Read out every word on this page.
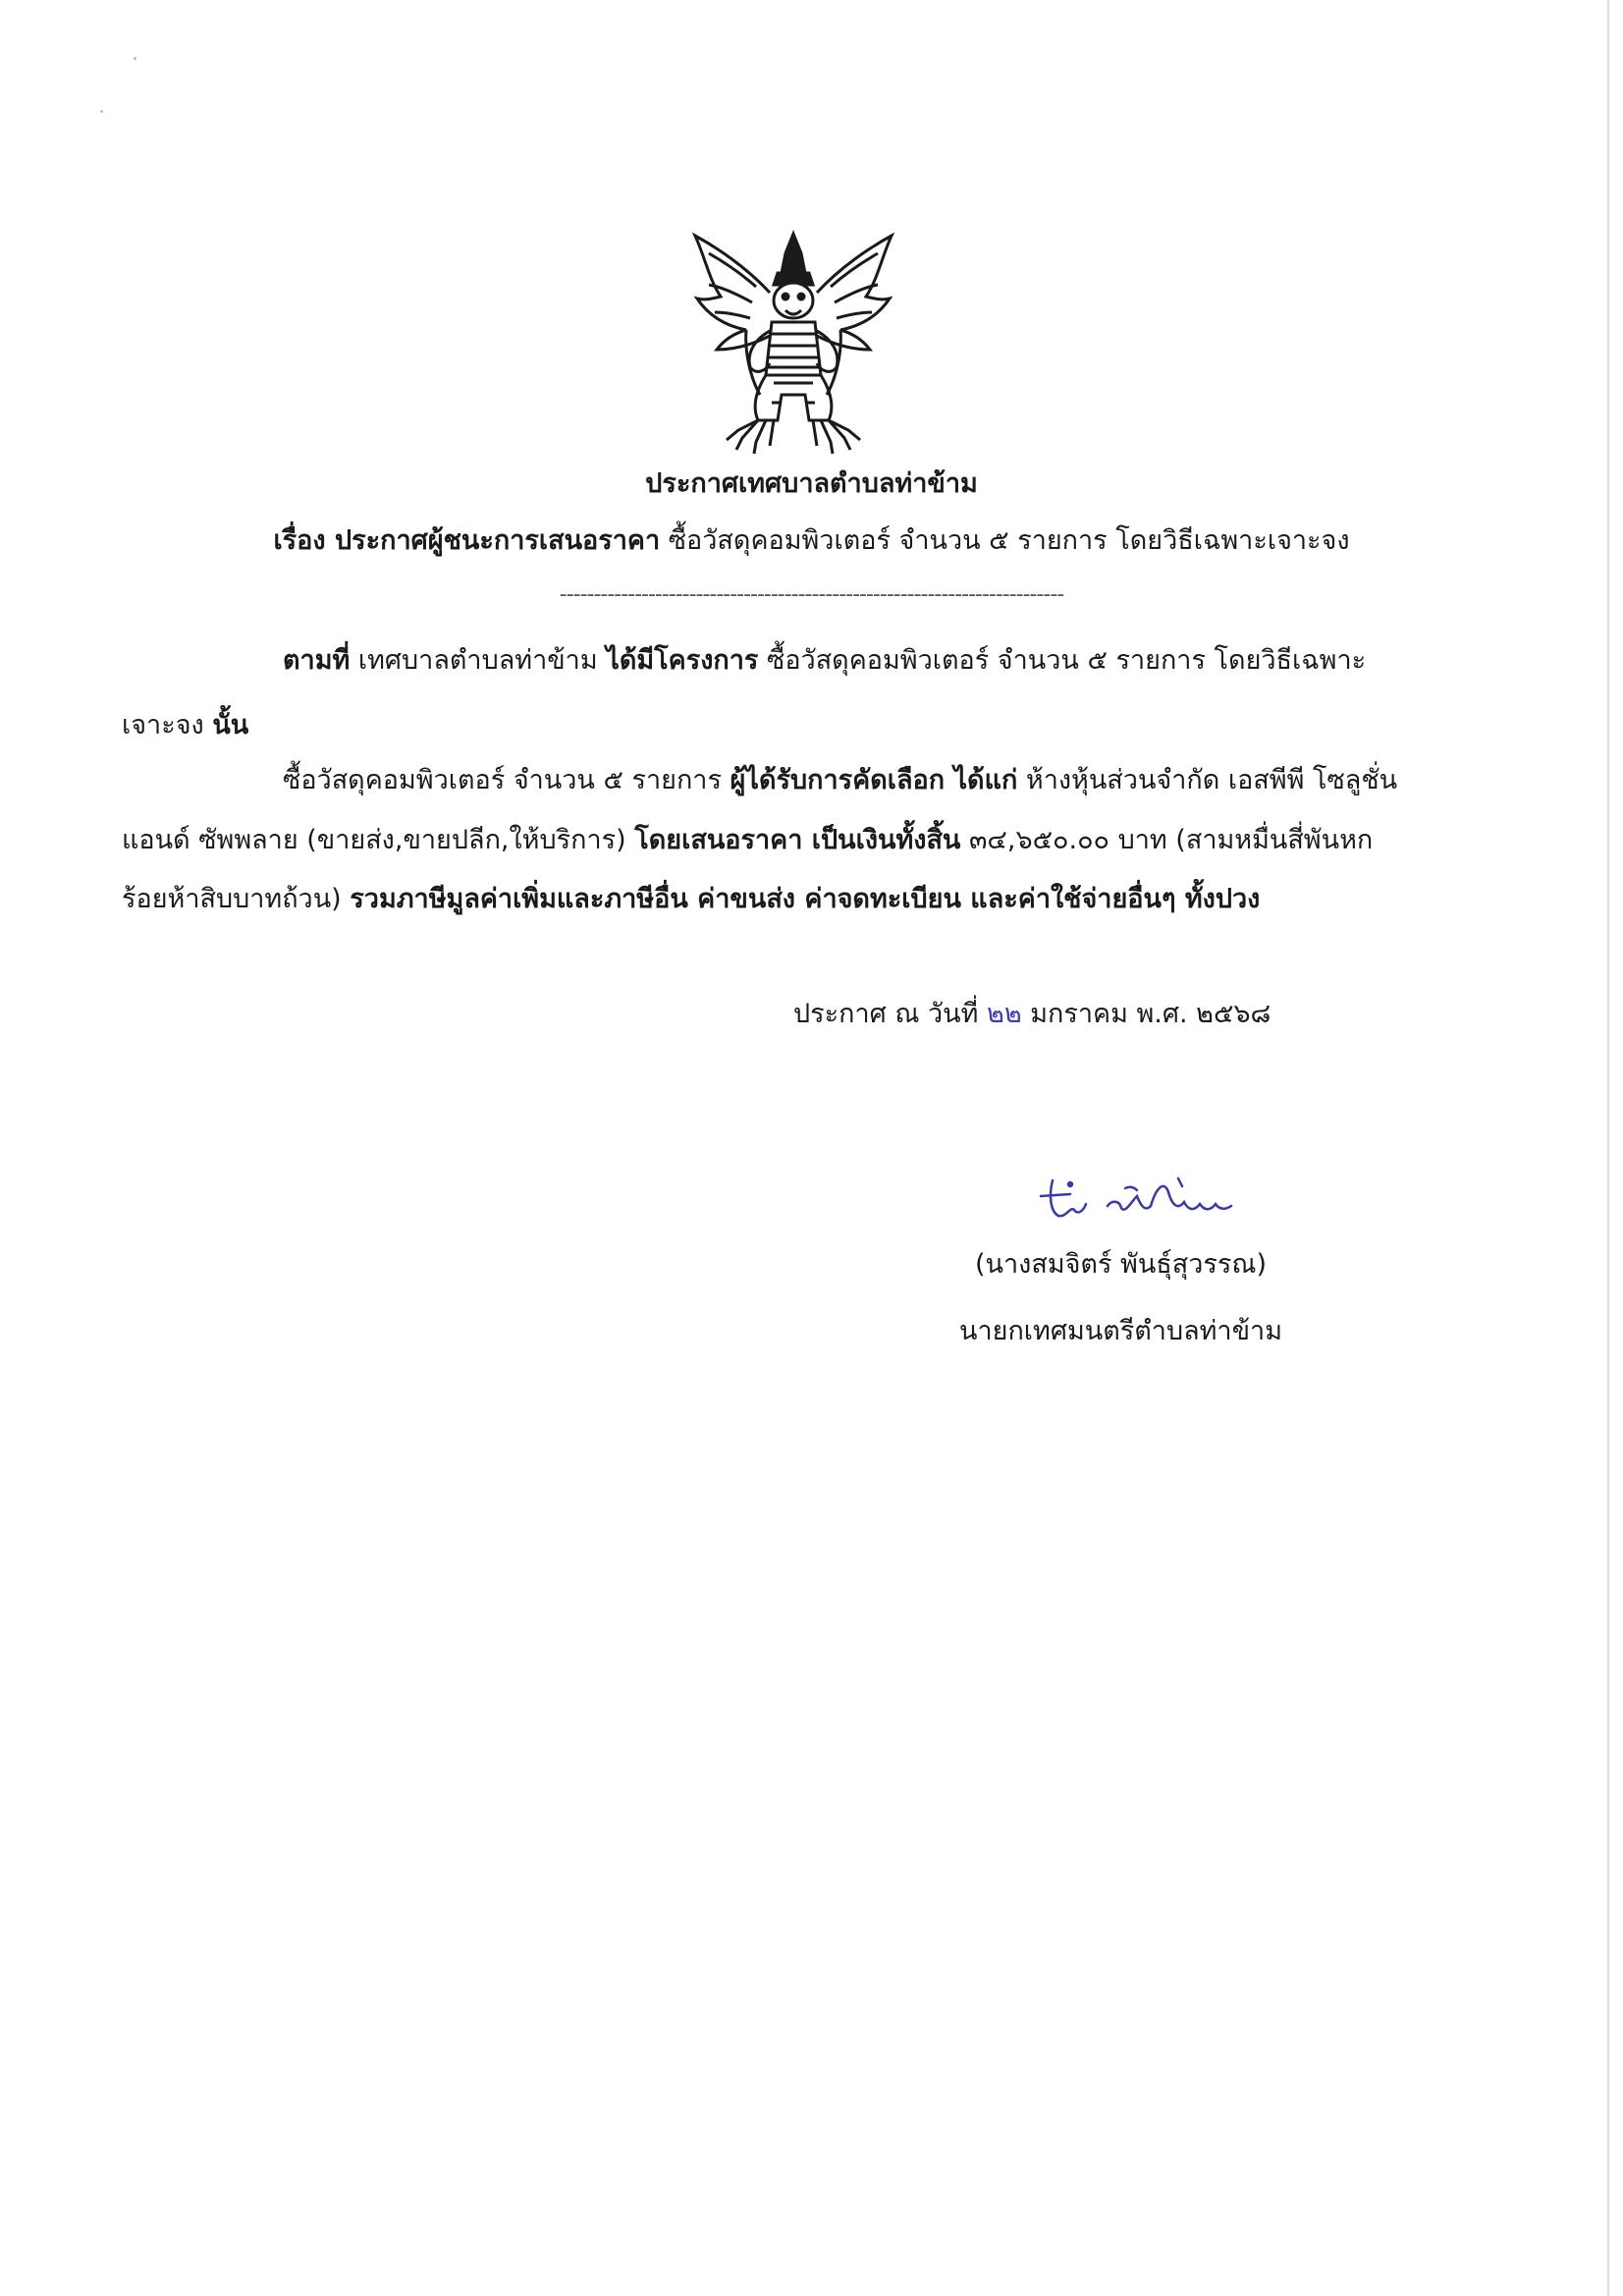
ประกาศเทศบาลตำบลท่าข้าม
เรื่อง ประกาศผู้ชนะการเสนอราคา ซื้อวัสดุคอมพิวเตอร์ จำนวน ๕ รายการ โดยวิธีเฉพาะเจาะจง
--------------------------------------------------------------------------
ตามที่ เทศบาลตำบลท่าข้าม ได้มีโครงการ ซื้อวัสดุคอมพิวเตอร์ จำนวน ๕ รายการ โดยวิธีเฉพาะ
เจาะจง นั้น
ซื้อวัสดุคอมพิวเตอร์ จำนวน ๕ รายการ ผู้ได้รับการคัดเลือก ได้แก่ ห้างหุ้นส่วนจำกัด เอสพีพี โซลูชั่น
แอนด์ ซัพพลาย (ขายส่ง,ขายปลีก,ให้บริการ) โดยเสนอราคา เป็นเงินทั้งสิ้น ๓๔,๖๕๐.๐๐ บาท (สามหมื่นสี่พันหก
ร้อยห้าสิบบาทถ้วน) รวมภาษีมูลค่าเพิ่มและภาษีอื่น ค่าขนส่ง ค่าจดทะเบียน และค่าใช้จ่ายอื่นๆ ทั้งปวง
ประกาศ ณ วันที่ ๒๒ มกราคม พ.ศ. ๒๕๖๘
(นางสมจิตร์ พันธุ์สุวรรณ)
นายกเทศมนตรีตำบลท่าข้าม
